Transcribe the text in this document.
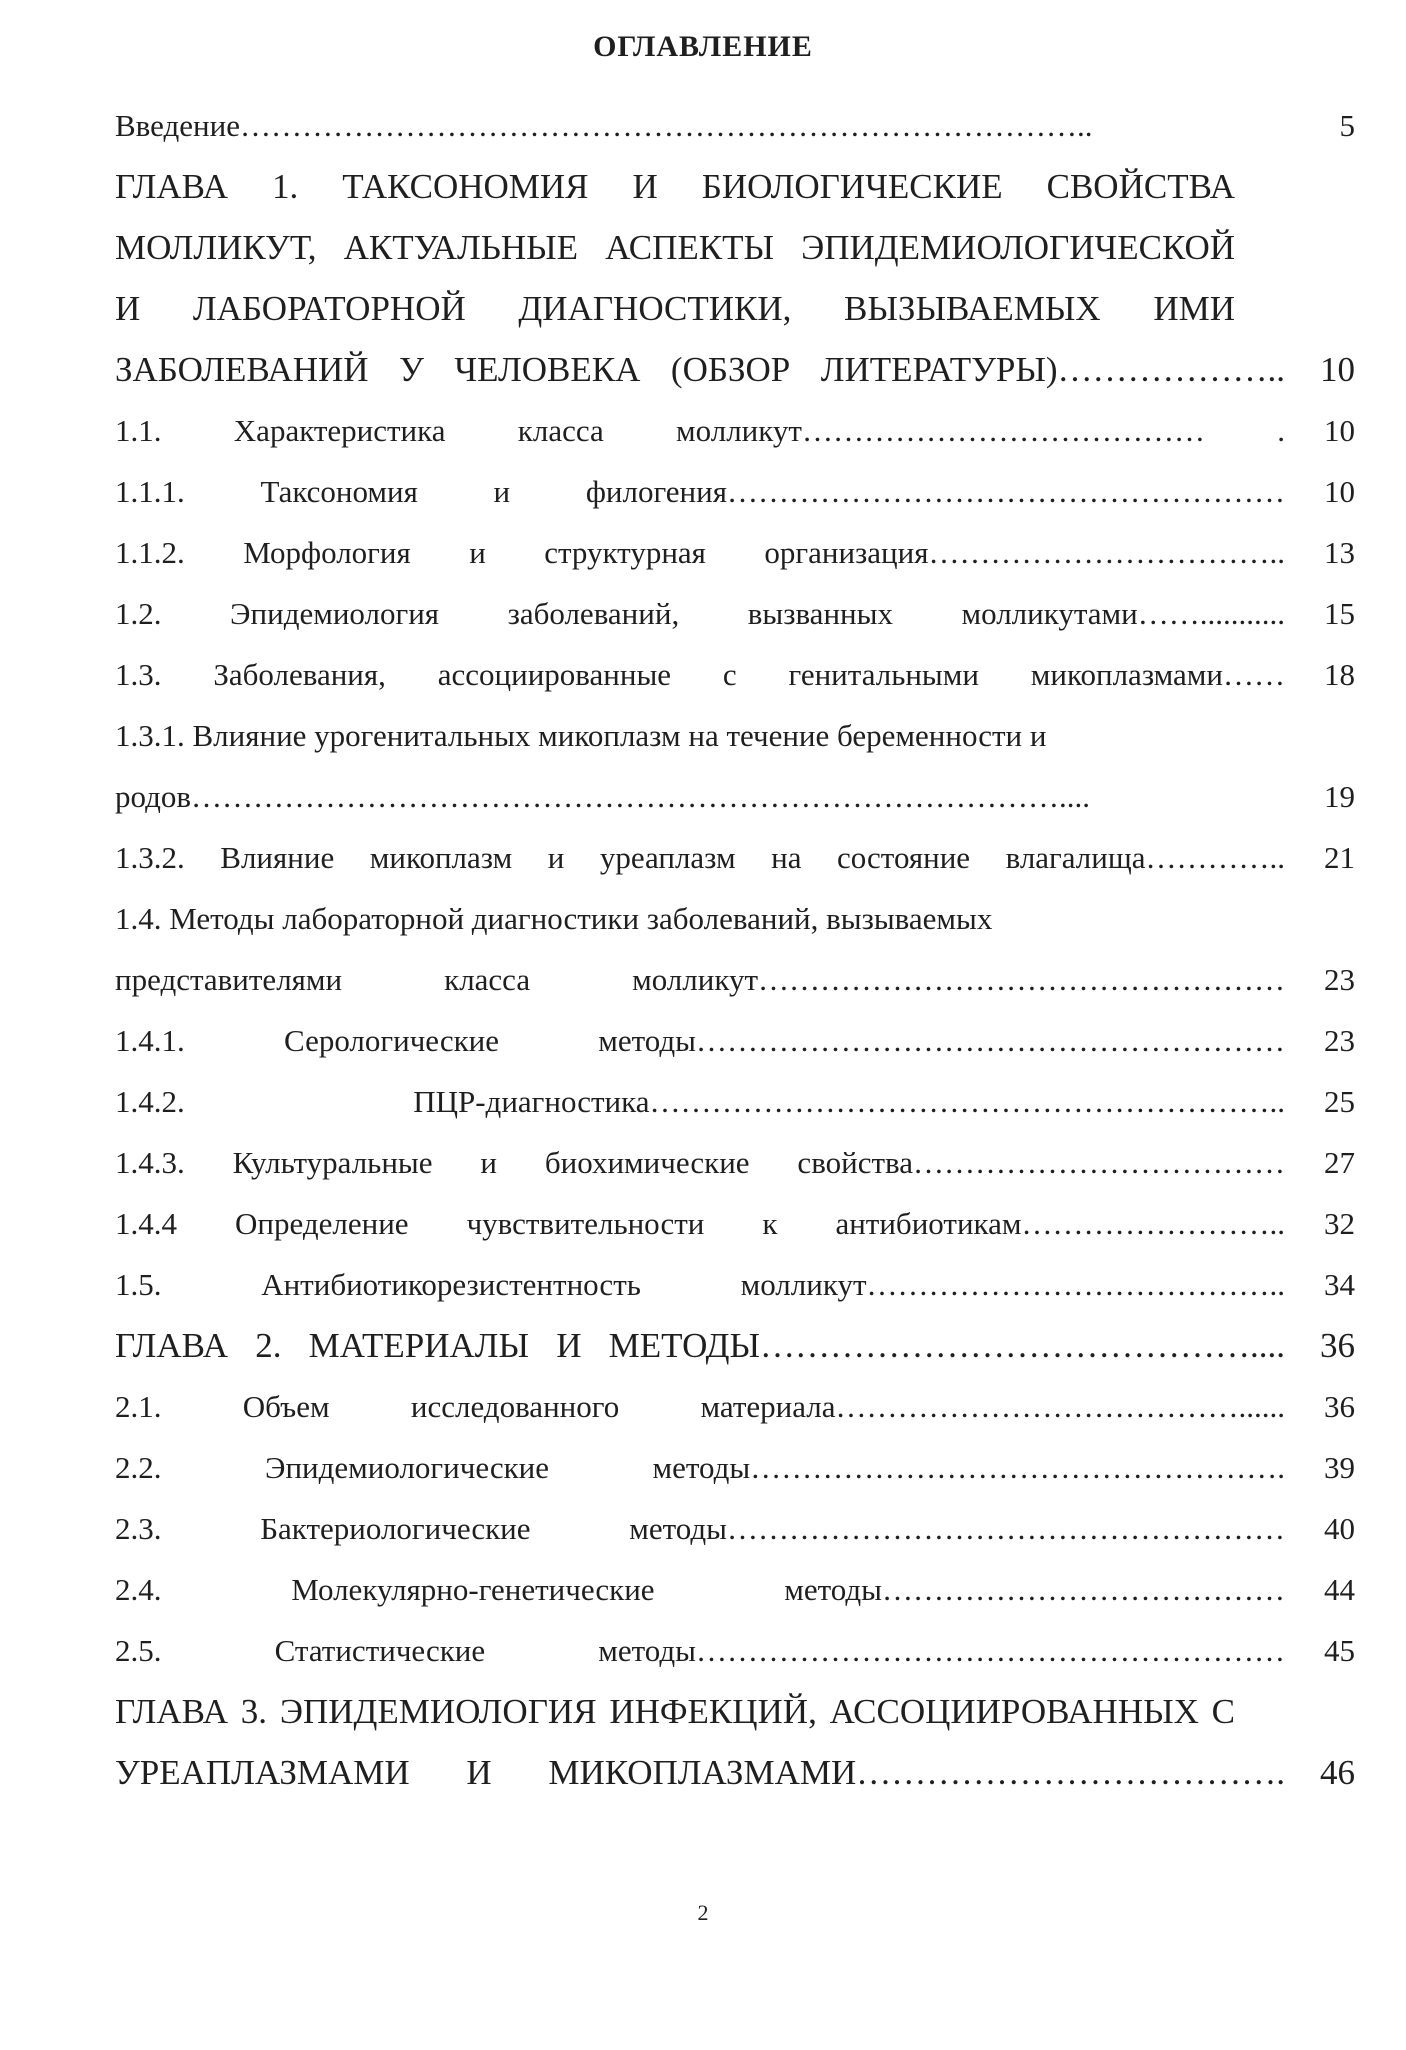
ОГЛАВЛЕНИЕ
Введение………………………………………………………………………..	5
ГЛАВА 1. ТАКСОНОМИЯ И БИОЛОГИЧЕСКИЕ СВОЙСТВА
МОЛЛИКУТ, АКТУАЛЬНЫЕ АСПЕКТЫ ЭПИДЕМИОЛОГИЧЕСКОЙ
И ЛАБОРАТОРНОЙ ДИАГНОСТИКИ, ВЫЗЫВАЕМЫХ ИМИ
ЗАБОЛЕВАНИЙ У ЧЕЛОВЕКА (ОБЗОР ЛИТЕРАТУРЫ)………………..	10
1.1. Характеристика класса молликут………………………………… .	10
1.1.1. Таксономия и филогения………………………………………………	10
1.1.2. Морфология и структурная организация……………………………..	13
1.2. Эпидемиология заболеваний, вызванных молликутами……...........	15
1.3. Заболевания, ассоциированные с генитальными микоплазмами……	18
1.3.1. Влияние урогенитальных микоплазм на течение беременности и
родов…………………………………………………………………………....	19
1.3.2. Влияние микоплазм и уреаплазм на состояние влагалища…………..	21
1.4. Методы лабораторной диагностики заболеваний, вызываемых
представителями класса молликут……………………………………………	23
1.4.1. Серологические методы…………………………………………………	23
1.4.2. ПЦР-диагностика……………………………………………………..	25
1.4.3. Культуральные и биохимические свойства………………………………	27
1.4.4 Определение чувствительности к антибиотикам……………………..	32
1.5. Антибиотикорезистентность молликут…………………………………..	34
ГЛАВА 2. МАТЕРИАЛЫ И МЕТОДЫ……………………………………....	36
2.1. Объем исследованного материала…………………………………......	36
2.2. Эпидемиологические методы…………………………………………….	39
2.3. Бактериологические методы………………………………………………	40
2.4. Молекулярно-генетические методы…………………………………	44
2.5. Статистические методы…………………………………………………	45
ГЛАВА 3. ЭПИДЕМИОЛОГИЯ ИНФЕКЦИЙ, АССОЦИИРОВАННЫХ С
УРЕАПЛАЗМАМИ И МИКОПЛАЗМАМИ……………………………….	46
2
